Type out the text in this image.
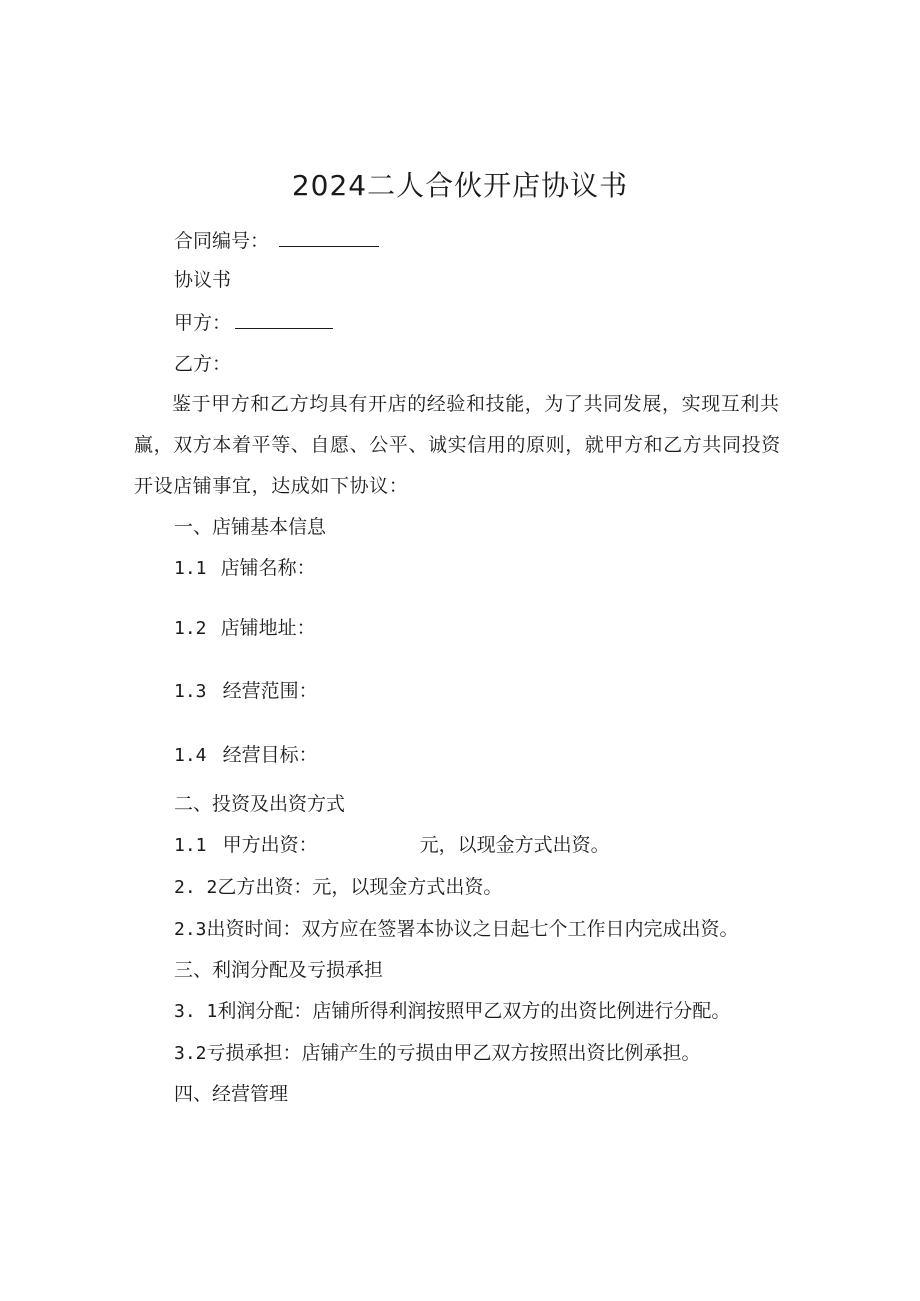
2024二人合伙开店协议书
合同编号：
协议书
甲方：
乙方：
鉴于甲方和乙方均具有开店的经验和技能，为了共同发展，实现互利共赢，双方本着平等、自愿、公平、诚实信用的原则，就甲方和乙方共同投资开设店铺事宜，达成如下协议：
一、店铺基本信息
1.1 店铺名称：
1.2 店铺地址：
1.3 经营范围：
1.4 经营目标：
二、投资及出资方式
1.1 甲方出资：	元，以现金方式出资。
2. 2乙方出资：元，以现金方式出资。
2.3出资时间：双方应在签署本协议之日起七个工作日内完成出资。
三、利润分配及亏损承担
3. 1利润分配：店铺所得利润按照甲乙双方的出资比例进行分配。
3.2亏损承担：店铺产生的亏损由甲乙双方按照出资比例承担。
四、经营管理
